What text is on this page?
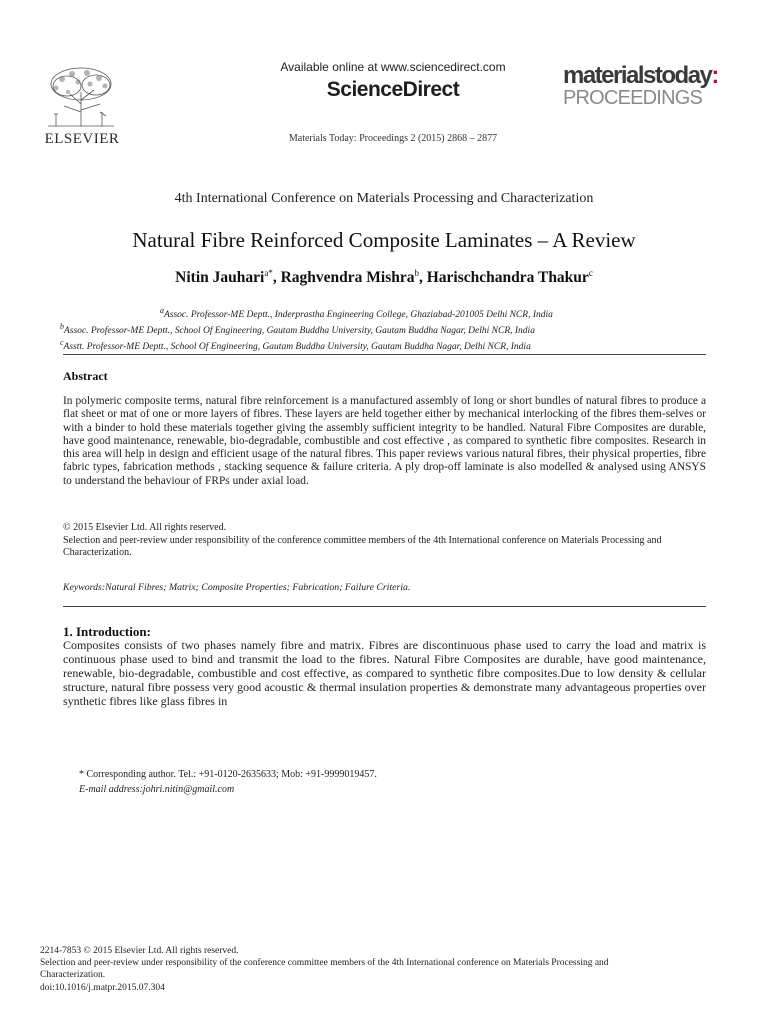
ELSEVIER
Available online at www.sciencedirect.com
ScienceDirect
Materials Today: Proceedings 2 (2015) 2868 – 2877
materialstoday:
PROCEEDINGS
4th International Conference on Materials Processing and Characterization
Natural Fibre Reinforced Composite Laminates – A Review
Nitin Jauhari$^{a*}$, Raghvendra Mishra$^b$, Harischchandra Thakur$^c$
$^a$Assoc. Professor-ME Deptt., Inderprastha Engineering College, Ghaziabad-201005 Delhi NCR, India
$^b$Assoc. Professor-ME Deptt., School Of Engineering, Gautam Buddha University, Gautam Buddha Nagar, Delhi NCR, India
$^c$Asstt. Professor-ME Deptt., School Of Engineering, Gautam Buddha University, Gautam Buddha Nagar, Delhi NCR, India
Abstract
In polymeric composite terms, natural fibre reinforcement is a manufactured assembly of long or short bundles of natural fibres to produce a flat sheet or mat of one or more layers of fibres. These layers are held together either by mechanical interlocking of the fibres them-selves or with a binder to hold these materials together giving the assembly sufficient integrity to be handled. Natural Fibre Composites are durable, have good maintenance, renewable, bio-degradable, combustible and cost effective , as compared to synthetic fibre composites. Research in this area will help in design and efficient usage of the natural fibres. This paper reviews various natural fibres, their physical properties, fibre fabric types, fabrication methods , stacking sequence & failure criteria. A ply drop-off laminate is also modelled & analysed using ANSYS to understand the behaviour of FRPs under axial load.
© 2015 Elsevier Ltd. All rights reserved.
Selection and peer-review under responsibility of the conference committee members of the 4th International conference on Materials Processing and Characterization.
Keywords:Natural Fibres; Matrix; Composite Properties; Fabrication; Failure Criteria.
1. Introduction:
Composites consists of two phases namely fibre and matrix. Fibres are discontinuous phase used to carry the load and matrix is continuous phase used to bind and transmit the load to the fibres. Natural Fibre Composites are durable, have good maintenance, renewable, bio-degradable, combustible and cost effective, as compared to synthetic fibre composites.Due to low density & cellular structure, natural fibre possess very good acoustic & thermal insulation properties & demonstrate many advantageous properties over synthetic fibres like glass fibres in
* Corresponding author. Tel.: +91-0120-2635633; Mob: +91-9999019457.
E-mail address:johri.nitin@gmail.com
2214-7853 © 2015 Elsevier Ltd. All rights reserved.
Selection and peer-review under responsibility of the conference committee members of the 4th International conference on Materials Processing and Characterization.
doi:10.1016/j.matpr.2015.07.304
